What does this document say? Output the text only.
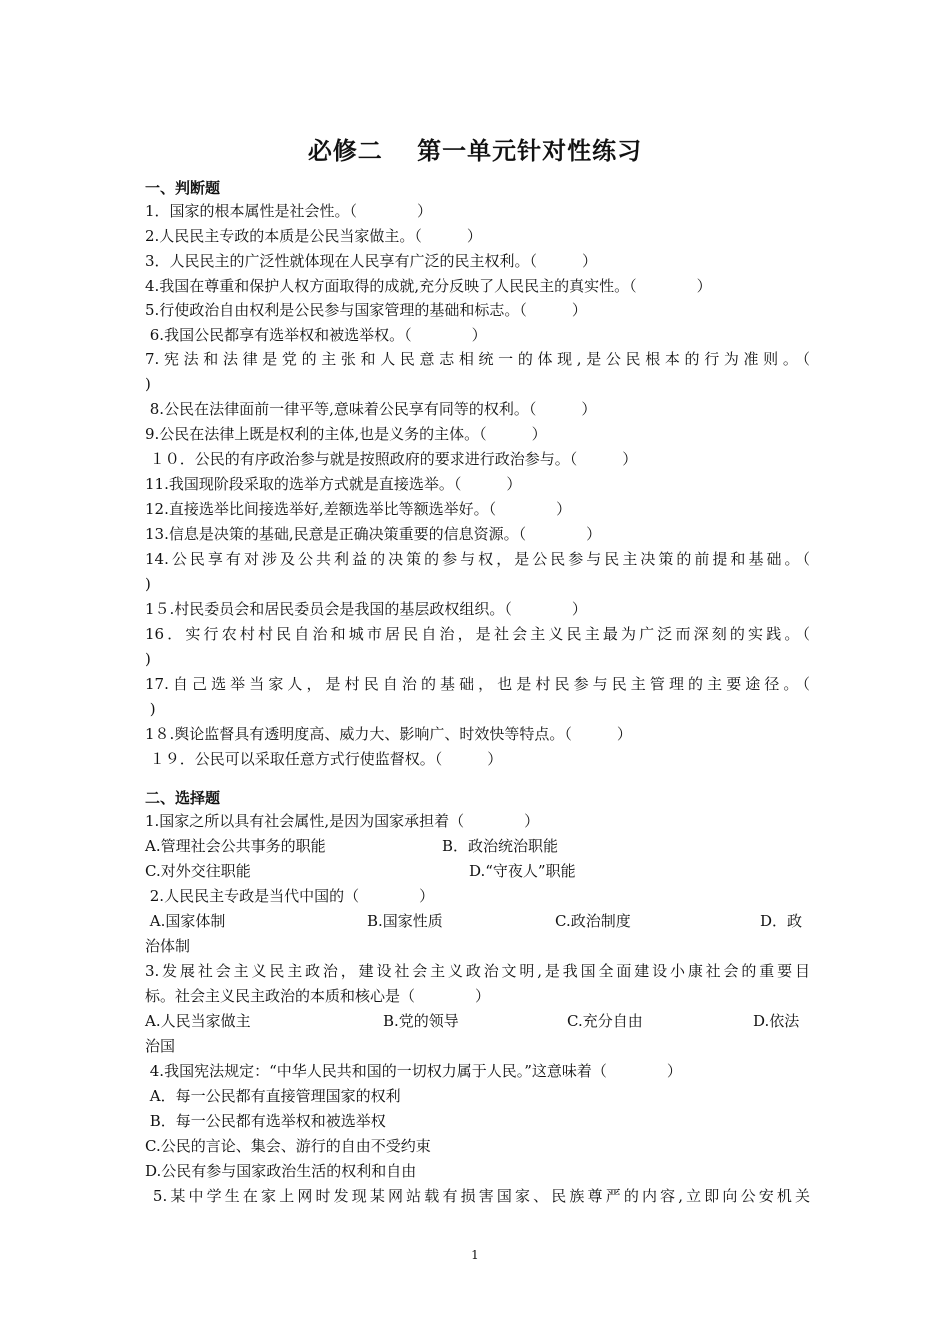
必修二　 第一单元针对性练习
一、判断题
1．国家的根本属性是社会性。（　　　　）
2.人民民主专政的本质是公民当家做主。（　　　）
3．人民民主的广泛性就体现在人民享有广泛的民主权利。（　　　）
4.我国在尊重和保护人权方面取得的成就,充分反映了人民民主的真实性。（　　　　）
5.行使政治自由权利是公民参与国家管理的基础和标志。（　　　）
6.我国公民都享有选举权和被选举权。（　　　　）
7.宪法和法律是党的主张和人民意志相统一的体现,是公民根本的行为准则。（
)
8.公民在法律面前一律平等,意味着公民享有同等的权利。（　　　）
9.公民在法律上既是权利的主体,也是义务的主体。（　　　）
１０．公民的有序政治参与就是按照政府的要求进行政治参与。（　　　）
11.我国现阶段采取的选举方式就是直接选举。（　　　）
12.直接选举比间接选举好,差额选举比等额选举好。（　　　　）
13.信息是决策的基础,民意是正确决策重要的信息资源。（　　　　）
14.公民享有对涉及公共利益的决策的参与权，是公民参与民主决策的前提和基础。（
)
1５.村民委员会和居民委员会是我国的基层政权组织。（　　　　）
16．实行农村村民自治和城市居民自治，是社会主义民主最为广泛而深刻的实践。（
)
17.自己选举当家人，是村民自治的基础，也是村民参与民主管理的主要途径。（
)
1８.舆论监督具有透明度高、威力大、影响广、时效快等特点。（　　　）
１９．公民可以采取任意方式行使监督权。（　　　）
二、选择题
1.国家之所以具有社会属性,是因为国家承担着（　　　　）
A.管理社会公共事务的职能	B．政治统治职能
C.对外交往职能	D.“守夜人”职能
2.人民民主专政是当代中国的（　　　　）
A.国家体制	B.国家性质	C.政治制度	D．政
治体制
3.发展社会主义民主政治，建设社会主义政治文明,是我国全面建设小康社会的重要目
标。社会主义民主政治的本质和核心是（　　　　）
A.人民当家做主	B.党的领导	C.充分自由	D.依法
治国
4.我国宪法规定：“中华人民共和国的一切权力属于人民。”这意味着（　　　　）
A．每一公民都有直接管理国家的权利
B．每一公民都有选举权和被选举权
C.公民的言论、集会、游行的自由不受约束
D.公民有参与国家政治生活的权利和自由
5.某中学生在家上网时发现某网站载有损害国家、民族尊严的内容,立即向公安机关
1
